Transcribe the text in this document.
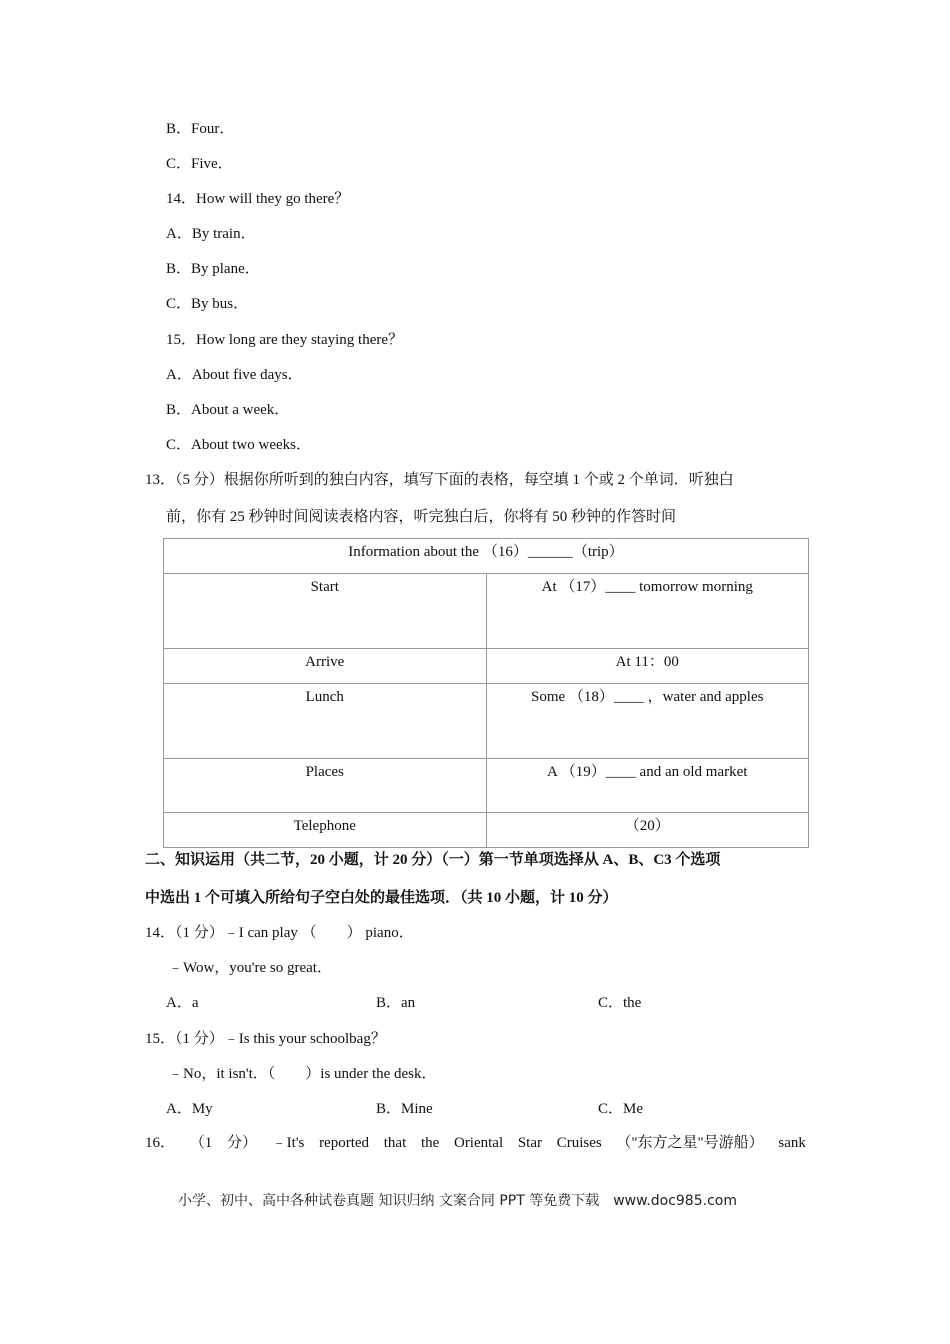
B．Four．
C．Five．
14．How will they go there？
A．By train．
B．By plane．
C．By bus．
15．How long are they staying there？
A．About five days．
B．About a week．
C．About two weeks．
13．（5 分）根据你所听到的独白内容，填写下面的表格，每空填 1 个或 2 个单词．听独白
前，你有 25 秒钟时间阅读表格内容，听完独白后，你将有 50 秒钟的作答时间
Information about the （16）______（trip）	
Start	At （17）____ tomorrow morning
Arrive	At 11：00
Lunch	Some （18）____ ，water and apples
Places	A （19）____ and an old market
Telephone	（20）
二、知识运用（共二节，20 小题，计 20 分）（一）第一节单项选择从 A、B、C3 个选项
中选出 1 个可填入所给句子空白处的最佳选项．（共 10 小题，计 10 分）
14．（1 分）﹣I can play （　　） piano．
﹣Wow，you're so great．
A．a	B．an	C．the
15．（1 分）﹣Is this your schoolbag？
﹣No，it isn't．（　　）is under the desk．
A．My	B．Mine	C．Me
16． （1 分） ﹣It's reported that the Oriental Star Cruises （"东方之星"号游船） sank
小学、初中、高中各种试卷真题 知识归纳 文案合同 PPT 等免费下载　www.doc985.com
